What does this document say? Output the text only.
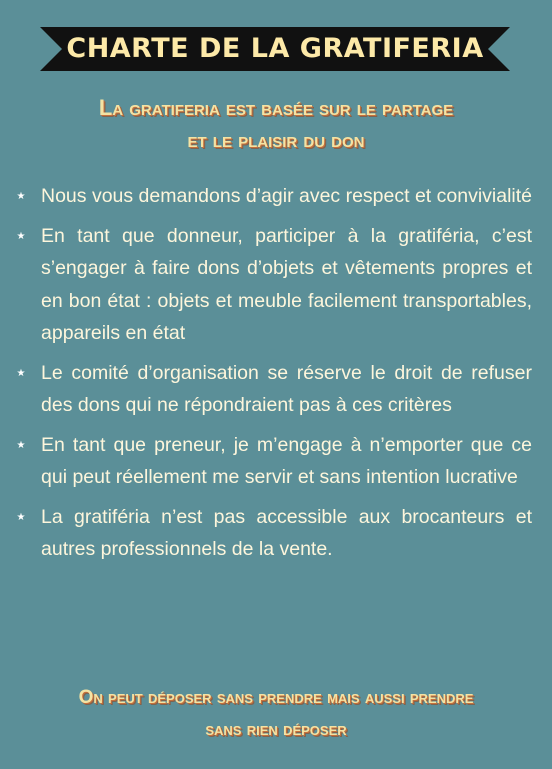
CHARTE DE LA GRATIFERIA
La gratiferia est basée sur le partage
et le plaisir du don
★ Nous vous demandons d’agir avec respect et convivialité
★ En tant que donneur, participer à la gratiféria, c’est s’engager à faire dons d’objets et vêtements propres et en bon état : objets et meuble facilement transportables, appareils en état
★ Le comité d’organisation se réserve le droit de refuser des dons qui ne répondraient pas à ces critères
★ En tant que preneur, je m’engage à n’emporter que ce qui peut réellement me servir et sans intention lucrative
★ La gratiféria n’est pas accessible aux brocanteurs et autres professionnels de la vente.
On peut déposer sans prendre mais aussi prendre
sans rien déposer
